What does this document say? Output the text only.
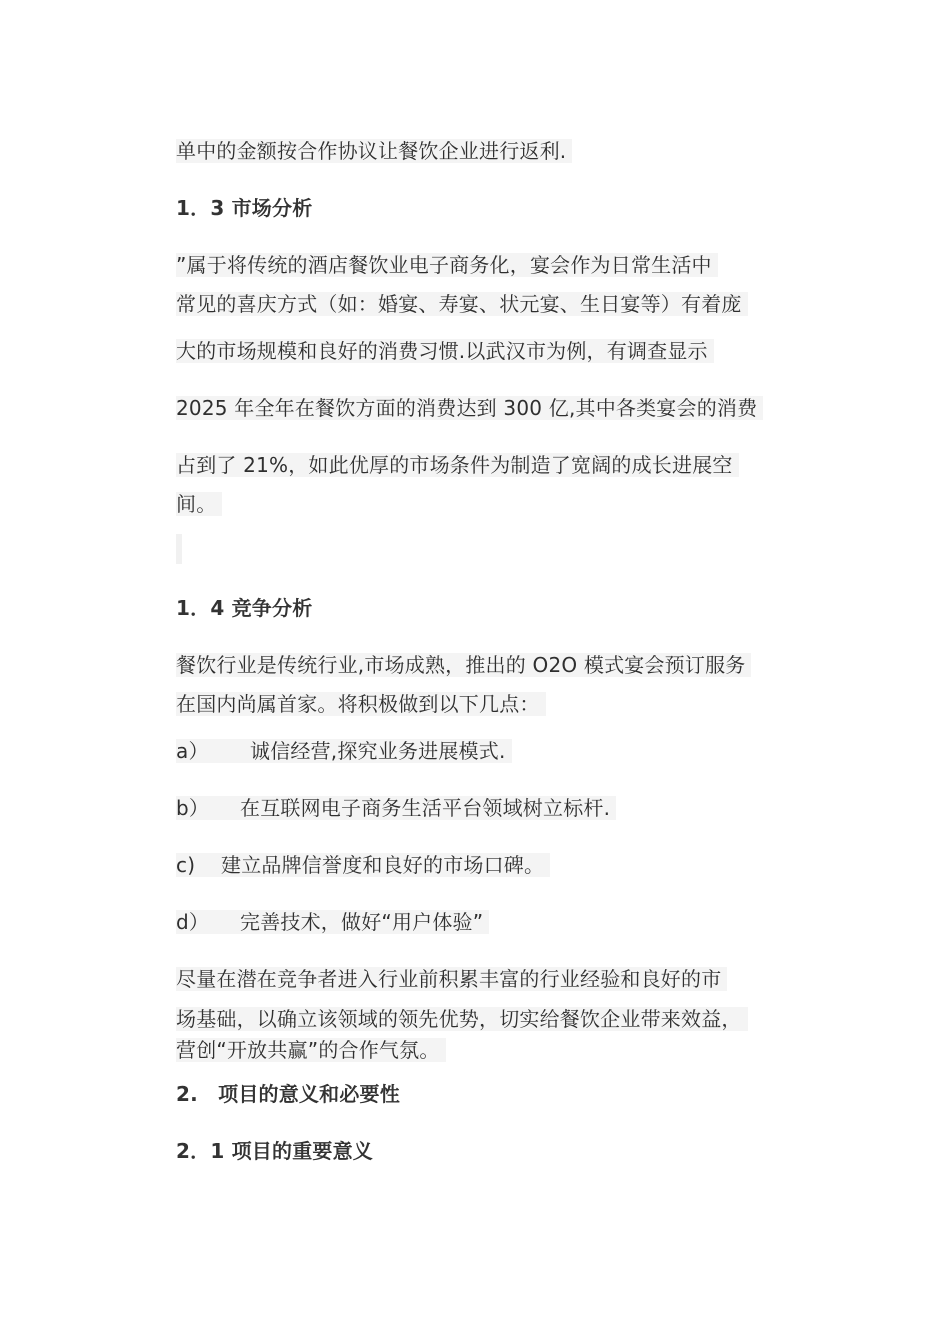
单中的金额按合作协议让餐饮企业进行返利.
1．3 市场分析
”属于将传统的酒店餐饮业电子商务化，宴会作为日常生活中
常见的喜庆方式（如：婚宴、寿宴、状元宴、生日宴等）有着庞
大的市场规模和良好的消费习惯.以武汉市为例，有调查显示
2025 年全年在餐饮方面的消费达到 300 亿,其中各类宴会的消费
占到了 21%，如此优厚的市场条件为制造了宽阔的成长进展空
间。
1．4 竞争分析
餐饮行业是传统行业,市场成熟，推出的 O2O 模式宴会预订服务
在国内尚属首家。将积极做到以下几点：
a） 诚信经营,探究业务进展模式.
b） 在互联网电子商务生活平台领域树立标杆.
c) 建立品牌信誉度和良好的市场口碑。
d） 完善技术，做好“用户体验”
尽量在潜在竞争者进入行业前积累丰富的行业经验和良好的市
场基础，以确立该领域的领先优势，切实给餐饮企业带来效益，
营创“开放共赢”的合作气氛。
2.　项目的意义和必要性
2．1 项目的重要意义
